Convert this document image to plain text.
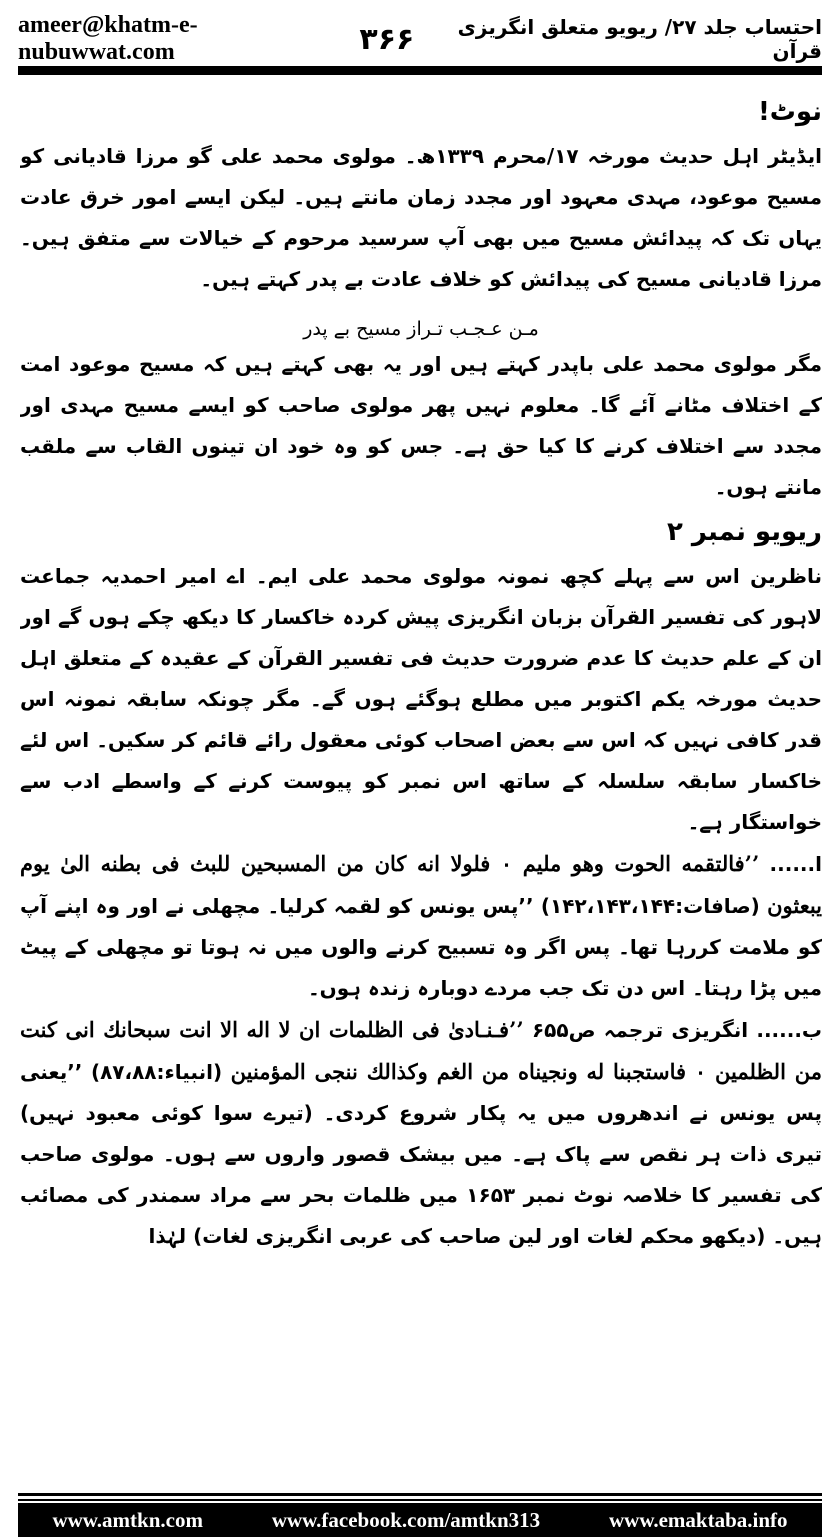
ameer@khatm-e-nubuwwat.com	۳۶۶	احتساب جلد ۲۷/ ریویو متعلق انگریزی قرآن

نوٹ!

ایڈیٹر اہل حدیث مورخہ ۱۷/محرم ۱۳۳۹ھ۔ مولوی محمد علی گو مرزا قادیانی کو مسیح موعود، مہدی معہود اور مجدد زمان مانتے ہیں۔ لیکن ایسے امور خرق عادت یہاں تک کہ پیدائش مسیح میں بھی آپ سرسید مرحوم کے خیالات سے متفق ہیں۔ مرزا قادیانی مسیح کی پیدائش کو خلاف عادت بے پدر کہتے ہیں۔

مـن عـجـب تـراز مسيح بے پدر

مگر مولوی محمد علی باپدر کہتے ہیں اور یہ بھی کہتے ہیں کہ مسیح موعود امت کے اختلاف مٹانے آئے گا۔ معلوم نہیں پھر مولوی صاحب کو ایسے مسیح مہدی اور مجدد سے اختلاف کرنے کا کیا حق ہے۔ جس کو وہ خود ان تینوں القاب سے ملقب مانتے ہوں۔

ریویو نمبر ۲

ناظرین اس سے پہلے کچھ نمونہ مولوی محمد علی ایم۔ اے امیر احمدیہ جماعت لاہور کی تفسیر القرآن بزبان انگریزی پیش کردہ خاکسار کا دیکھ چکے ہوں گے اور ان کے علم حدیث کا عدم ضرورت حدیث فی تفسیر القرآن کے عقیدہ کے متعلق اہل حدیث مورخہ یکم اکتوبر میں مطلع ہوگئے ہوں گے۔ مگر چونکہ سابقہ نمونہ اس قدر کافی نہیں کہ اس سے بعض اصحاب کوئی معقول رائے قائم کر سکیں۔ اس لئے خاکسار سابقہ سلسلہ کے ساتھ اس نمبر کو پیوست کرنے کے واسطے ادب سے خواستگار ہے۔

ا...... ’’فالتقمه الحوت وهو مليم ۰ فلولا انه كان من المسبحين للبث فى بطنه الىٰ يوم يبعثون (صافات:۱۴۲،۱۴۳،۱۴۴) ’’پس یونس کو لقمہ کرلیا۔ مچھلی نے اور وہ اپنے آپ کو ملامت کررہا تھا۔ پس اگر وہ تسبیح کرنے والوں میں نہ ہوتا تو مچھلی کے پیٹ میں پڑا رہتا۔ اس دن تک جب مردے دوبارہ زندہ ہوں۔

ب...... انگریزی ترجمہ ص۶۵۵ ’’فـنـادىٰ فى الظلمات ان لا اله الا انت سبحانك انى كنت من الظلمين ۰ فاستجبنا له ونجيناه من الغم وكذالك ننجى المؤمنين (انبیاء:۸۷،۸۸) ’’یعنی پس یونس نے اندھروں میں یہ پکار شروع کردی۔ (تیرے سوا کوئی معبود نہیں) تیری ذات ہر نقص سے پاک ہے۔ میں بیشک قصور واروں سے ہوں۔ مولوی صاحب کی تفسیر کا خلاصہ نوٹ نمبر ۱۶۵۳ میں ظلمات بحر سے مراد سمندر کی مصائب ہیں۔ (دیکھو محکم لغات اور لین صاحب کی عربی انگریزی لغات) لہٰذا

www.amtkn.com	www.facebook.com/amtkn313	www.emaktaba.info
